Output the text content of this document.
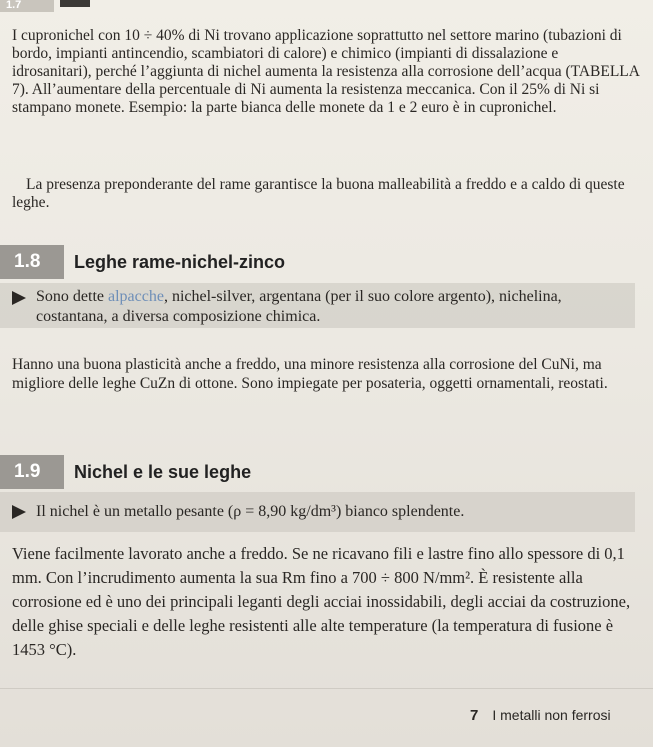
1.7
I cupronichel con 10 ÷ 40% di Ni trovano applicazione soprattutto nel settore marino (tubazioni di bordo, impianti antincendio, scambiatori di calore) e chimico (impianti di dissalazione e idrosanitari), perché l’aggiunta di nichel aumenta la resistenza alla corrosione dell’acqua (TABELLA 7). All’aumentare della percentuale di Ni aumenta la resistenza meccanica. Con il 25% di Ni si stampano monete. Esempio: la parte bianca delle monete da 1 e 2 euro è in cupronichel.
La presenza preponderante del rame garantisce la buona malleabilità a freddo e a caldo di queste leghe.
1.8	Leghe rame-nichel-zinco
Sono dette alpacche, nichel-silver, argentana (per il suo colore argento), nichelina, costantana, a diversa composizione chimica.
Hanno una buona plasticità anche a freddo, una minore resistenza alla corrosione del CuNi, ma migliore delle leghe CuZn di ottone. Sono impiegate per posateria, oggetti ornamentali, reostati.
1.9	Nichel e le sue leghe
Il nichel è un metallo pesante (ρ = 8,90 kg/dm³) bianco splendente.
Viene facilmente lavorato anche a freddo. Se ne ricavano fili e lastre fino allo spessore di 0,1 mm. Con l’incrudimento aumenta la sua Rm fino a 700 ÷ 800 N/mm². È resistente alla corrosione ed è uno dei principali leganti degli acciai inossidabili, degli acciai da costruzione, delle ghise speciali e delle leghe resistenti alle alte temperature (la temperatura di fusione è 1453 °C).
7 I metalli non ferrosi
